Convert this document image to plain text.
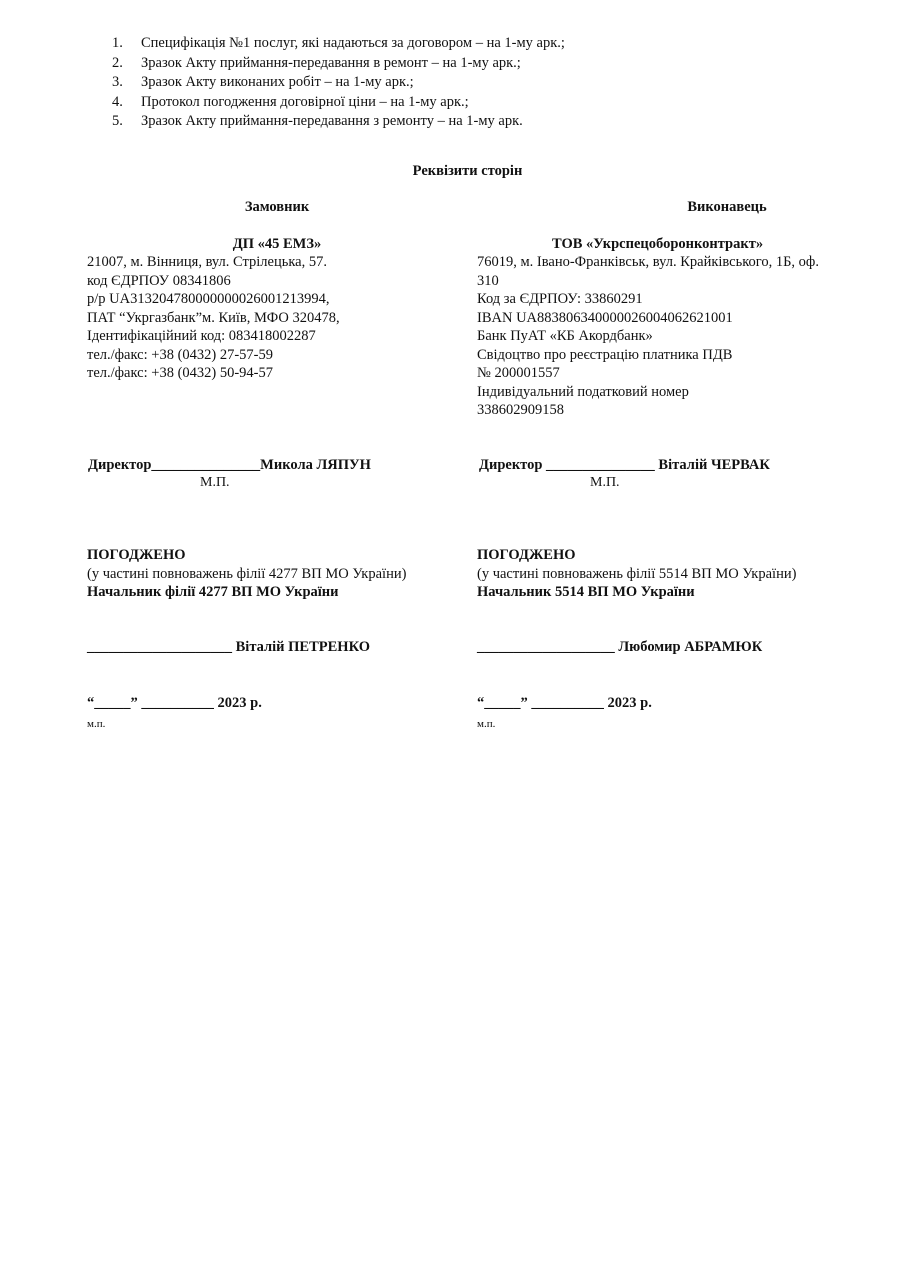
1.	Специфікація №1 послуг, які надаються за договором – на 1-му арк.;
2.	Зразок Акту приймання-передавання в ремонт – на 1-му арк.;
3.	Зразок Акту виконаних робіт – на 1-му арк.;
4.	Протокол погодження договірної ціни – на 1-му арк.;
5.	Зразок Акту приймання-передавання з ремонту – на 1-му арк.
Реквізити сторін
Замовник
ДП «45 ЕМЗ»
21007, м. Вінниця, вул. Стрілецька, 57.
код ЄДРПОУ 08341806
р/р UA313204780000000026001213994,
ПАТ “Укргазбанк”м. Київ, МФО 320478,
Ідентифікаційний код: 083418002287
тел./факс: +38 (0432) 27-57-59
тел./факс: +38 (0432) 50-94-57
Виконавець
ТОВ «Укрспецоборонконтракт»
76019, м. Івано-Франківськ, вул. Крайківського, 1Б, оф.
310
Код за ЄДРПОУ: 33860291
IBAN UA883806340000026004062621001
Банк ПуАТ «КБ Акордбанк»
Свідоцтво про реєстрацію платника ПДВ
№ 200001557
Індивідуальний податковий номер
338602909158
Директор_______________Микола ЛЯПУН
М.П.
Директор _______________ Віталій ЧЕРВАК
М.П.
ПОГОДЖЕНО
(у частині повноважень філії 4277 ВП МО України)
Начальник філії 4277 ВП МО України
ПОГОДЖЕНО
(у частині повноважень філії 5514 ВП МО України)
Начальник 5514 ВП МО України
____________________ Віталій ПЕТРЕНКО	___________________ Любомир АБРАМЮК
“_____” __________ 2023 р.	“_____” __________ 2023 р.
м.п.	м.п.
